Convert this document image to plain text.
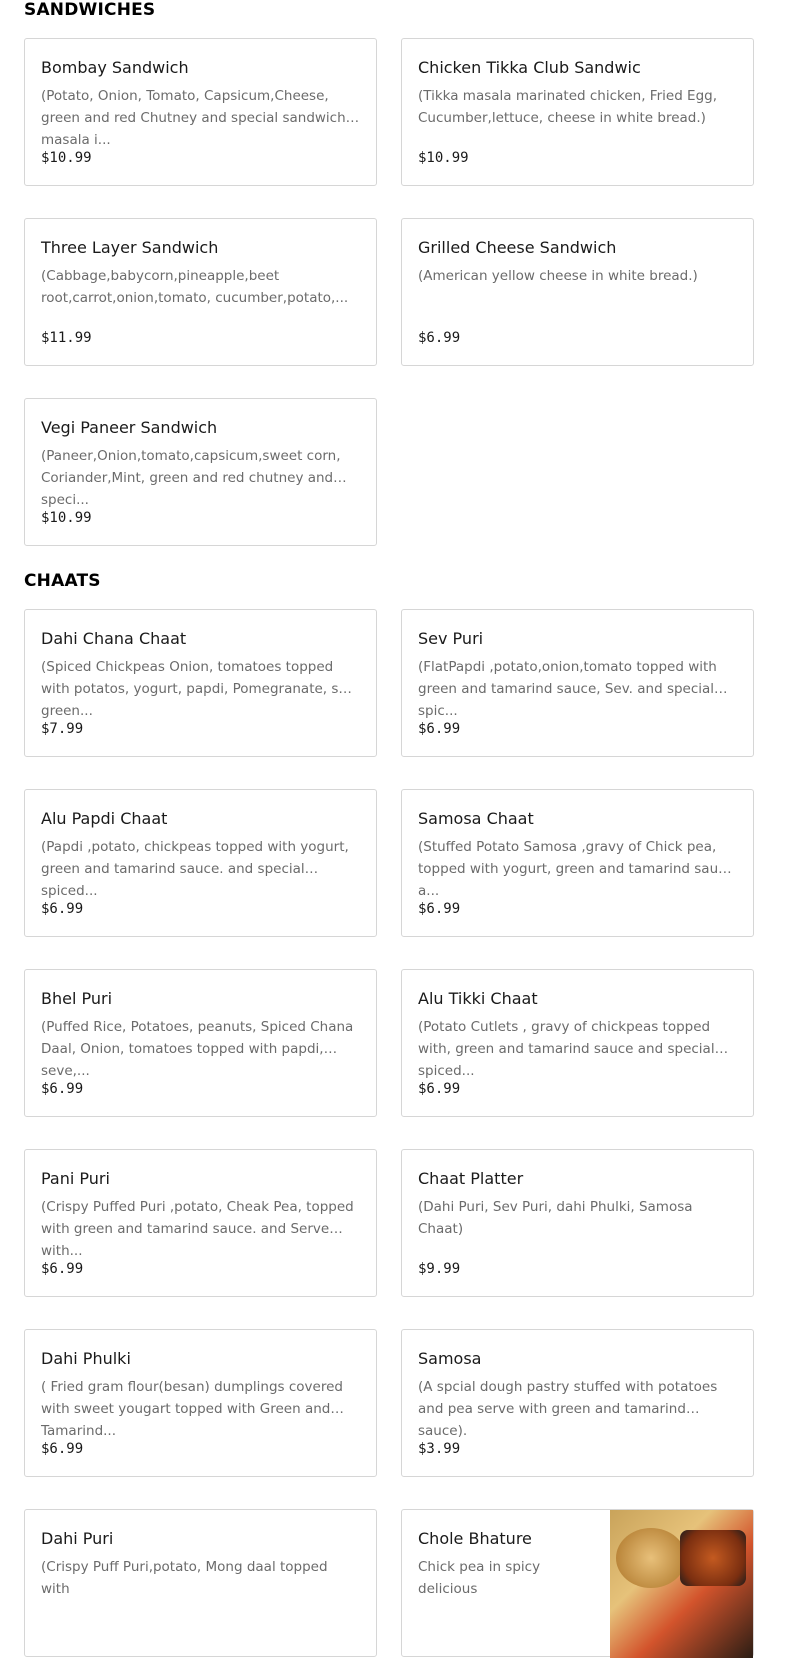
SANDWICHES
Bombay Sandwich
(Potato, Onion, Tomato, Capsicum,Cheese, green and red Chutney and special sandwich masala i...
$10.99
Chicken Tikka Club Sandwic
(Tikka masala marinated chicken, Fried Egg, Cucumber,lettuce, cheese in white bread.)
$10.99
Three Layer Sandwich
(Cabbage,babycorn,pineapple,beet root,carrot,onion,tomato, cucumber,potato,...
$11.99
Grilled Cheese Sandwich
(American yellow cheese in white bread.)
$6.99
Vegi Paneer Sandwich
(Paneer,Onion,tomato,capsicum,sweet corn, Coriander,Mint, green and red chutney and speci...
$10.99
CHAATS
Dahi Chana Chaat
(Spiced Chickpeas Onion, tomatoes topped with potatos, yogurt, papdi, Pomegranate, sev, green...
$7.99
Sev Puri
(FlatPapdi ,potato,onion,tomato topped with green and tamarind sauce, Sev. and special spic...
$6.99
Alu Papdi Chaat
(Papdi ,potato, chickpeas topped with yogurt, green and tamarind sauce. and special spiced...
$6.99
Samosa Chaat
(Stuffed Potato Samosa ,gravy of Chick pea, topped with yogurt, green and tamarind sauce a...
$6.99
Bhel Puri
(Puffed Rice, Potatoes, peanuts, Spiced Chana Daal, Onion, tomatoes topped with papdi, seve,...
$6.99
Alu Tikki Chaat
(Potato Cutlets , gravy of chickpeas topped with, green and tamarind sauce and special spiced...
$6.99
Pani Puri
(Crispy Puffed Puri ,potato, Cheak Pea, topped with green and tamarind sauce. and Serve with...
$6.99
Chaat Platter
(Dahi Puri, Sev Puri, dahi Phulki, Samosa Chaat)
$9.99
Dahi Phulki
( Fried gram flour(besan) dumplings covered with sweet yougart topped with Green and Tamarind...
$6.99
Samosa
(A spcial dough pastry stuffed with potatoes and pea serve with green and tamarind sauce).
$3.99
Dahi Puri
(Crispy Puff Puri,potato, Mong daal topped with
Chole Bhature
Chick pea in spicy delicious
